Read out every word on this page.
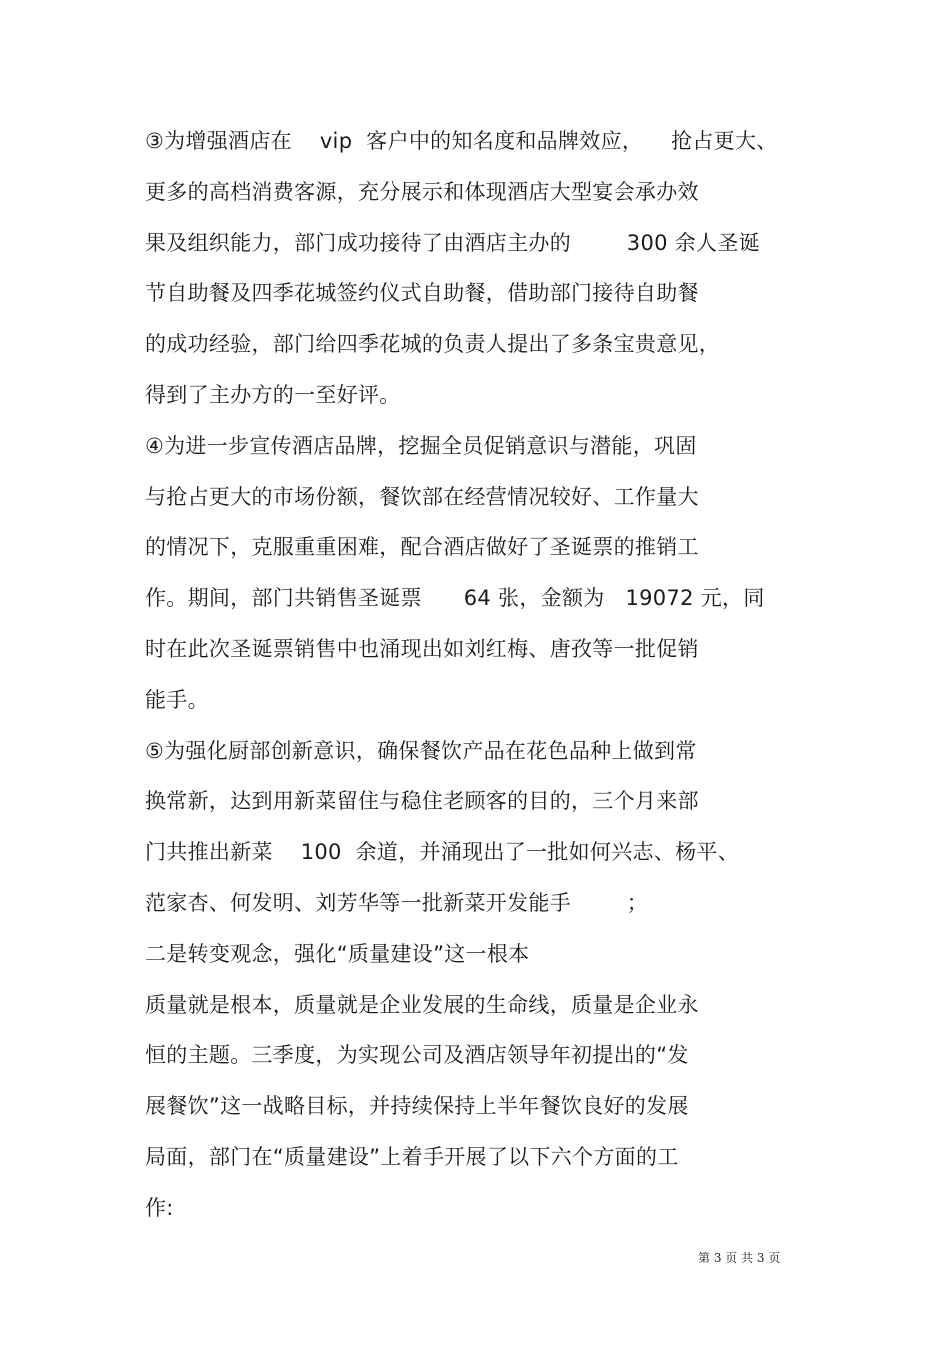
③为增强酒店在    vip  客户中的知名度和品牌效应，    抢占更大、
更多的高档消费客源，充分展示和体现酒店大型宴会承办效
果及组织能力，部门成功接待了由酒店主办的        300 余人圣诞
节自助餐及四季花城签约仪式自助餐，借助部门接待自助餐
的成功经验，部门给四季花城的负责人提出了多条宝贵意见，
得到了主办方的一至好评。
④为进一步宣传酒店品牌，挖掘全员促销意识与潜能，巩固
与抢占更大的市场份额，餐饮部在经营情况较好、工作量大
的情况下，克服重重困难，配合酒店做好了圣诞票的推销工
作。期间，部门共销售圣诞票      64 张，金额为   19072 元，同
时在此次圣诞票销售中也涌现出如刘红梅、唐孜等一批促销
能手。
⑤为强化厨部创新意识，确保餐饮产品在花色品种上做到常
换常新，达到用新菜留住与稳住老顾客的目的，三个月来部
门共推出新菜    100  余道，并涌现出了一批如何兴志、杨平、
范家杏、何发明、刘芳华等一批新菜开发能手        ；
二是转变观念，强化“质量建设”这一根本
质量就是根本，质量就是企业发展的生命线，质量是企业永
恒的主题。三季度，为实现公司及酒店领导年初提出的“发
展餐饮”这一战略目标，并持续保持上半年餐饮良好的发展
局面，部门在“质量建设”上着手开展了以下六个方面的工
作:
第 3 页 共 3 页
